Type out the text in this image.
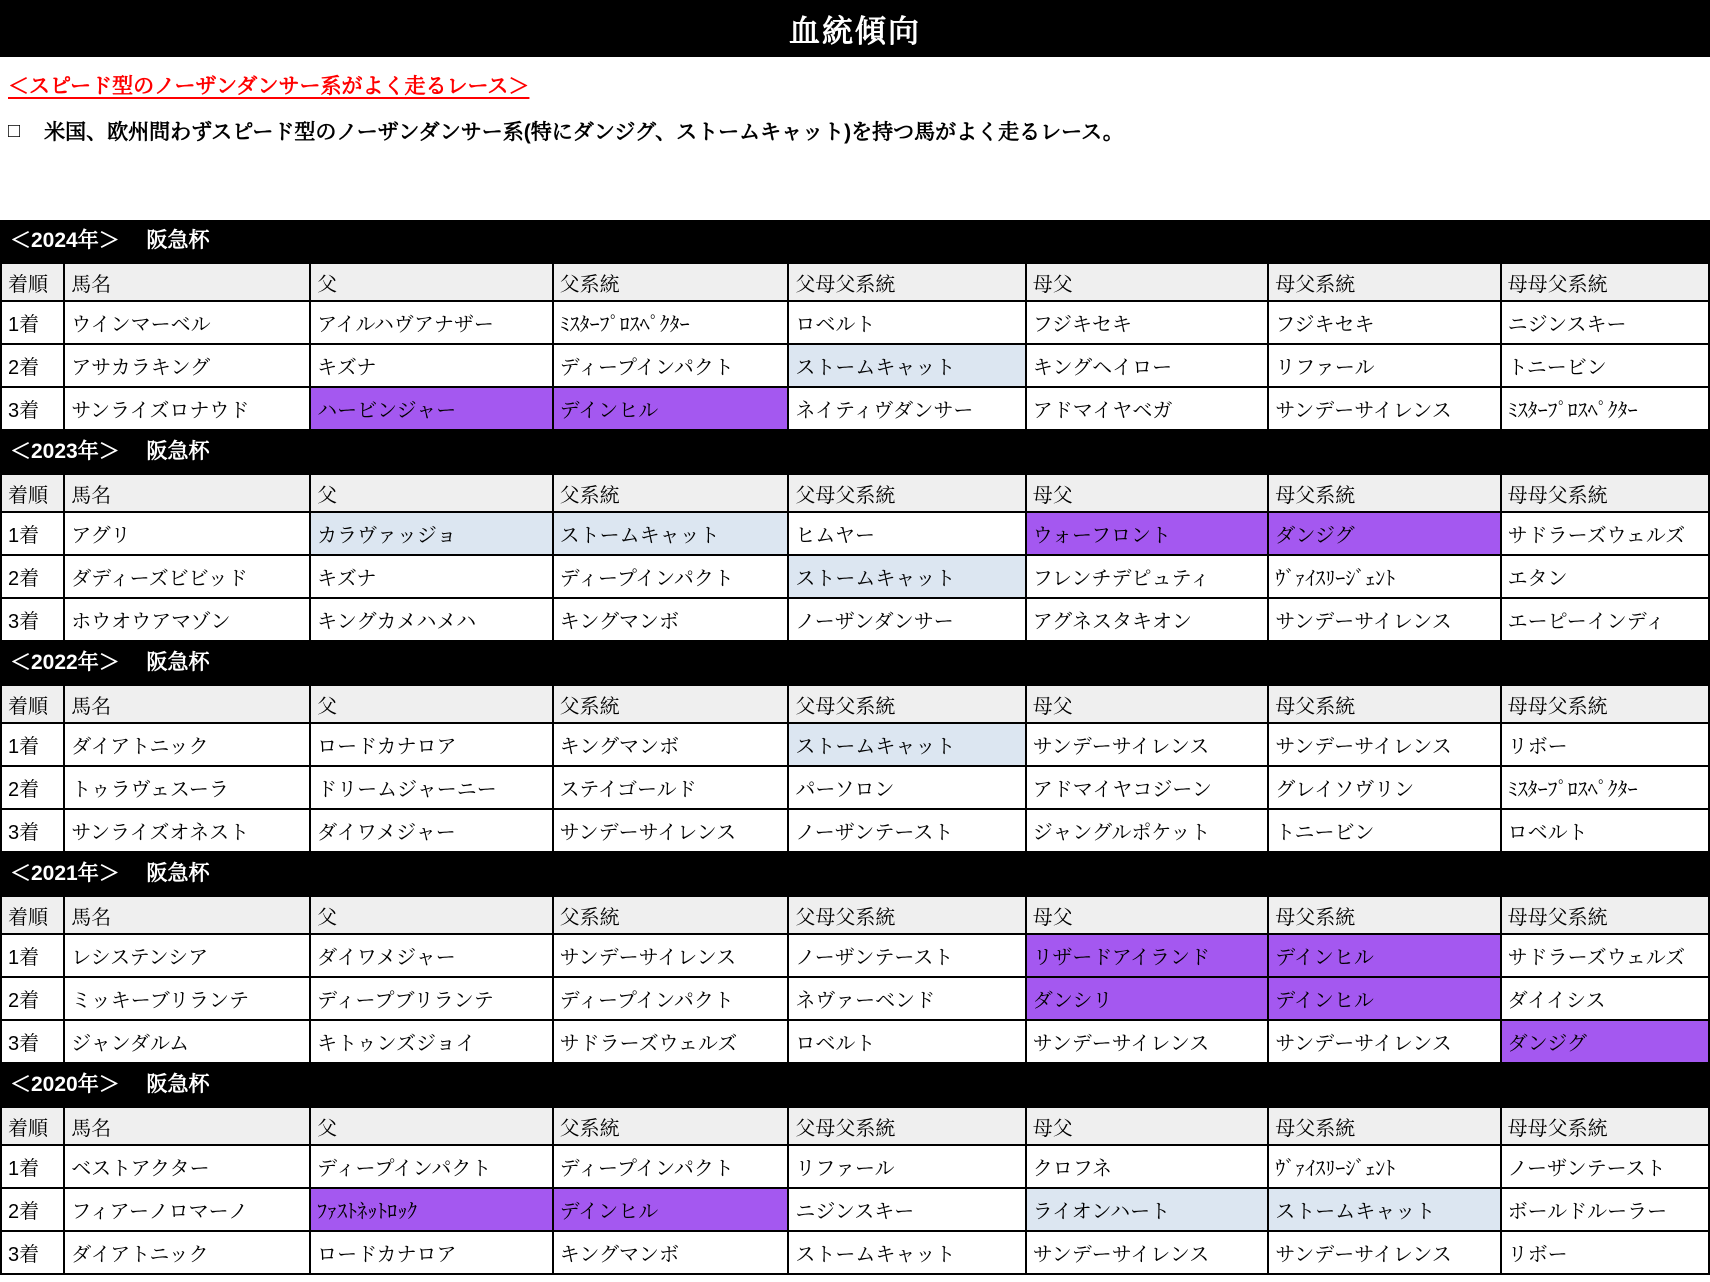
血統傾向
＜スピード型のノーザンダンサー系がよく走るレース＞
□ 米国、欧州問わずスピード型のノーザンダンサー系(特にダンジグ、ストームキャット)を持つ馬がよく走るレース。
＜2024年＞　 阪急杯
着順	馬名	父	父系統	父母父系統	母父	母父系統	母母父系統
1着	ウインマーベル	アイルハヴアナザー	ﾐｽﾀｰﾌﾟﾛｽﾍﾟｸﾀｰ	ロベルト	フジキセキ	フジキセキ	ニジンスキー
2着	アサカラキング	キズナ	ディープインパクト	ストームキャット	キングヘイロー	リファール	トニービン
3着	サンライズロナウド	ハービンジャー	デインヒル	ネイティヴダンサー	アドマイヤベガ	サンデーサイレンス	ﾐｽﾀｰﾌﾟﾛｽﾍﾟｸﾀｰ
＜2023年＞　 阪急杯
着順	馬名	父	父系統	父母父系統	母父	母父系統	母母父系統
1着	アグリ	カラヴァッジョ	ストームキャット	ヒムヤー	ウォーフロント	ダンジグ	サドラーズウェルズ
2着	ダディーズビビッド	キズナ	ディープインパクト	ストームキャット	フレンチデピュティ	ｳﾞｧｲｽﾘｰｼﾞｪﾝﾄ	エタン
3着	ホウオウアマゾン	キングカメハメハ	キングマンボ	ノーザンダンサー	アグネスタキオン	サンデーサイレンス	エーピーインディ
＜2022年＞　 阪急杯
着順	馬名	父	父系統	父母父系統	母父	母父系統	母母父系統
1着	ダイアトニック	ロードカナロア	キングマンボ	ストームキャット	サンデーサイレンス	サンデーサイレンス	リボー
2着	トゥラヴェスーラ	ドリームジャーニー	ステイゴールド	パーソロン	アドマイヤコジーン	グレイソヴリン	ﾐｽﾀｰﾌﾟﾛｽﾍﾟｸﾀｰ
3着	サンライズオネスト	ダイワメジャー	サンデーサイレンス	ノーザンテースト	ジャングルポケット	トニービン	ロベルト
＜2021年＞　 阪急杯
着順	馬名	父	父系統	父母父系統	母父	母父系統	母母父系統
1着	レシステンシア	ダイワメジャー	サンデーサイレンス	ノーザンテースト	リザードアイランド	デインヒル	サドラーズウェルズ
2着	ミッキーブリランテ	ディープブリランテ	ディープインパクト	ネヴァーベンド	ダンシリ	デインヒル	ダイイシス
3着	ジャンダルム	キトゥンズジョイ	サドラーズウェルズ	ロベルト	サンデーサイレンス	サンデーサイレンス	ダンジグ
＜2020年＞　 阪急杯
着順	馬名	父	父系統	父母父系統	母父	母父系統	母母父系統
1着	ベストアクター	ディープインパクト	ディープインパクト	リファール	クロフネ	ｳﾞｧｲｽﾘｰｼﾞｪﾝﾄ	ノーザンテースト
2着	フィアーノロマーノ	ﾌｧｽﾄﾈｯﾄﾛｯｸ	デインヒル	ニジンスキー	ライオンハート	ストームキャット	ボールドルーラー
3着	ダイアトニック	ロードカナロア	キングマンボ	ストームキャット	サンデーサイレンス	サンデーサイレンス	リボー
